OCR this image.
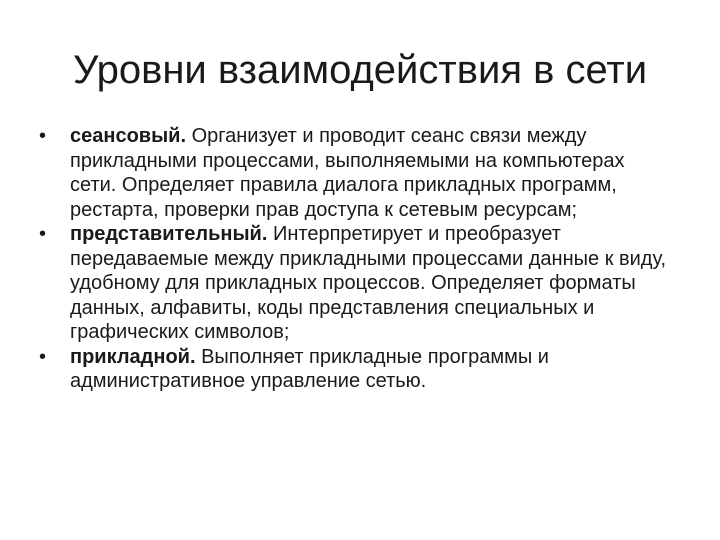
Уровни взаимодействия в сети
• сеансовый. Организует и проводит сеанс связи между прикладными процессами, выполняемыми на компьютерах сети. Определяет правила диалога прикладных программ, рестарта, проверки прав доступа к сетевым ресурсам;
• представительный. Интерпретирует и преобразует передаваемые между прикладными процессами данные к виду, удобному для прикладных процессов. Определяет форматы данных, алфавиты, коды представления специальных и графических символов;
• прикладной. Выполняет прикладные программы и административное управление сетью.
